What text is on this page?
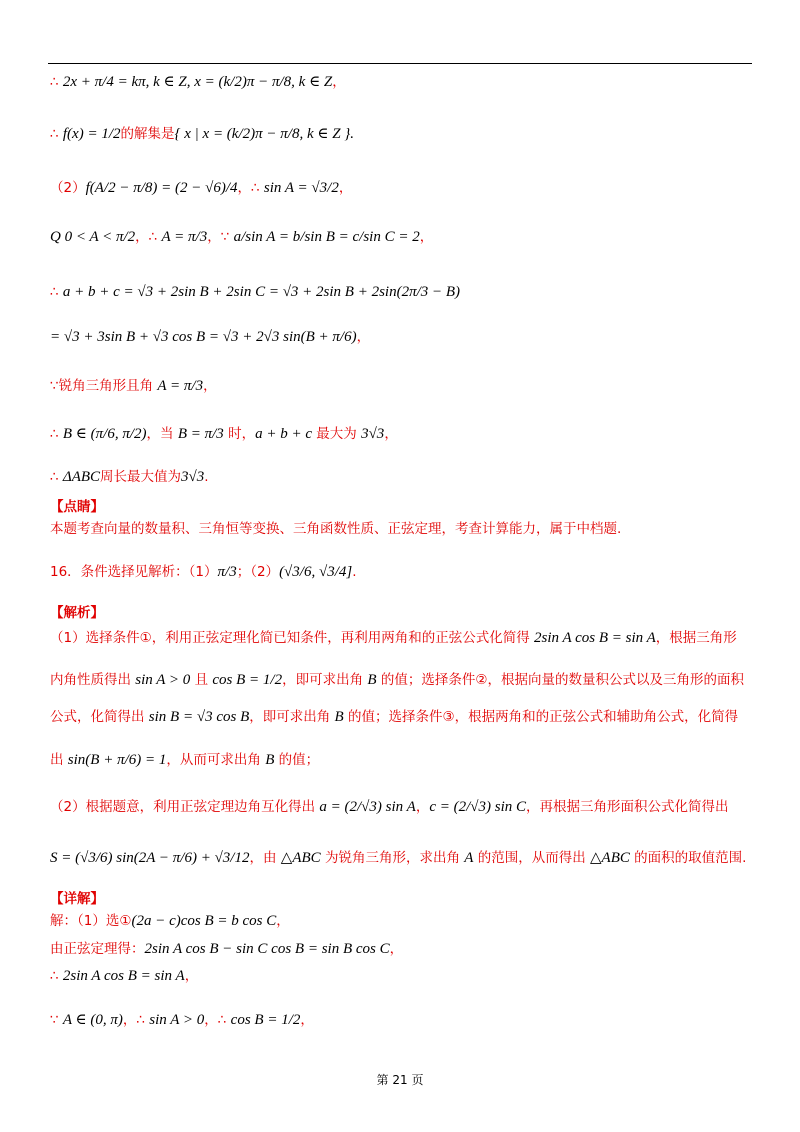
∴ 2x + π/4 = kπ, k ∈ Z, x = (k/2)π − π/8, k ∈ Z，
∴ f(x) = 1/2的解集是{ x | x = (k/2)π − π/8, k ∈ Z }.
（2）f(A/2 − π/8) = (2 − √6)/4，∴ sin A = √3/2，
Q 0 < A < π/2，∴ A = π/3，∵ a/sin A = b/sin B = c/sin C = 2，
∴ a + b + c = √3 + 2sin B + 2sin C = √3 + 2sin B + 2sin(2π/3 − B)
= √3 + 3sin B + √3 cos B = √3 + 2√3 sin(B + π/6)，
∵锐角三角形且角 A = π/3，
∴ B ∈ (π/6, π/2)，当 B = π/3 时，a + b + c 最大为 3√3，
∴ ΔABC周长最大值为3√3.
【点睛】
本题考查向量的数量积、三角恒等变换、三角函数性质、正弦定理，考查计算能力，属于中档题.
16．条件选择见解析：（1）π/3；（2）(√3/6, √3/4].
【解析】
（1）选择条件①，利用正弦定理化简已知条件，再利用两角和的正弦公式化简得 2sin A cos B = sin A，根据三角形
内角性质得出 sin A > 0 且 cos B = 1/2，即可求出角 B 的值；选择条件②，根据向量的数量积公式以及三角形的面积
公式，化简得出 sin B = √3 cos B，即可求出角 B 的值；选择条件③，根据两角和的正弦公式和辅助角公式，化简得
出 sin(B + π/6) = 1，从而可求出角 B 的值；
（2）根据题意，利用正弦定理边角互化得出 a = (2/√3) sin A，c = (2/√3) sin C，再根据三角形面积公式化简得出
S = (√3/6) sin(2A − π/6) + √3/12，由 △ABC 为锐角三角形，求出角 A 的范围，从而得出 △ABC 的面积的取值范围.
【详解】
解：（1）选①(2a − c)cos B = b cos C，
由正弦定理得：2sin A cos B − sin C cos B = sin B cos C，
∴ 2sin A cos B = sin A，
∵ A ∈ (0, π)，∴ sin A > 0，∴ cos B = 1/2，
第 21 页
